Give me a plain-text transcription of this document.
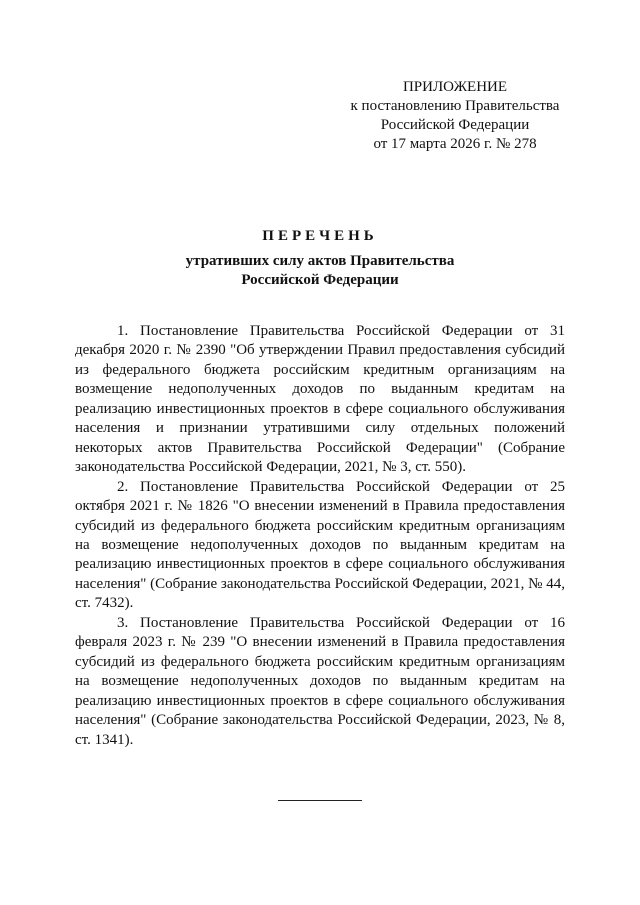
ПРИЛОЖЕНИЕ
к постановлению Правительства
Российской Федерации
от 17 марта 2026 г. № 278
ПЕРЕЧЕНЬ
утративших силу актов Правительства
Российской Федерации

1. Постановление Правительства Российской Федерации от 31 декабря 2020 г. № 2390 "Об утверждении Правил предоставления субсидий из федерального бюджета российским кредитным организациям на возмещение недополученных доходов по выданным кредитам на реализацию инвестиционных проектов в сфере социального обслуживания населения и признании утратившими силу отдельных положений некоторых актов Правительства Российской Федерации" (Собрание законодательства Российской Федерации, 2021, № 3, ст. 550).

2. Постановление Правительства Российской Федерации от 25 октября 2021 г. № 1826 "О внесении изменений в Правила предоставления субсидий из федерального бюджета российским кредитным организациям на возмещение недополученных доходов по выданным кредитам на реализацию инвестиционных проектов в сфере социального обслуживания населения" (Собрание законодательства Российской Федерации, 2021, № 44, ст. 7432).

3. Постановление Правительства Российской Федерации от 16 февраля 2023 г. № 239 "О внесении изменений в Правила предоставления субсидий из федерального бюджета российским кредитным организациям на возмещение недополученных доходов по выданным кредитам на реализацию инвестиционных проектов в сфере социального обслуживания населения" (Собрание законодательства Российской Федерации, 2023, № 8, ст. 1341).
